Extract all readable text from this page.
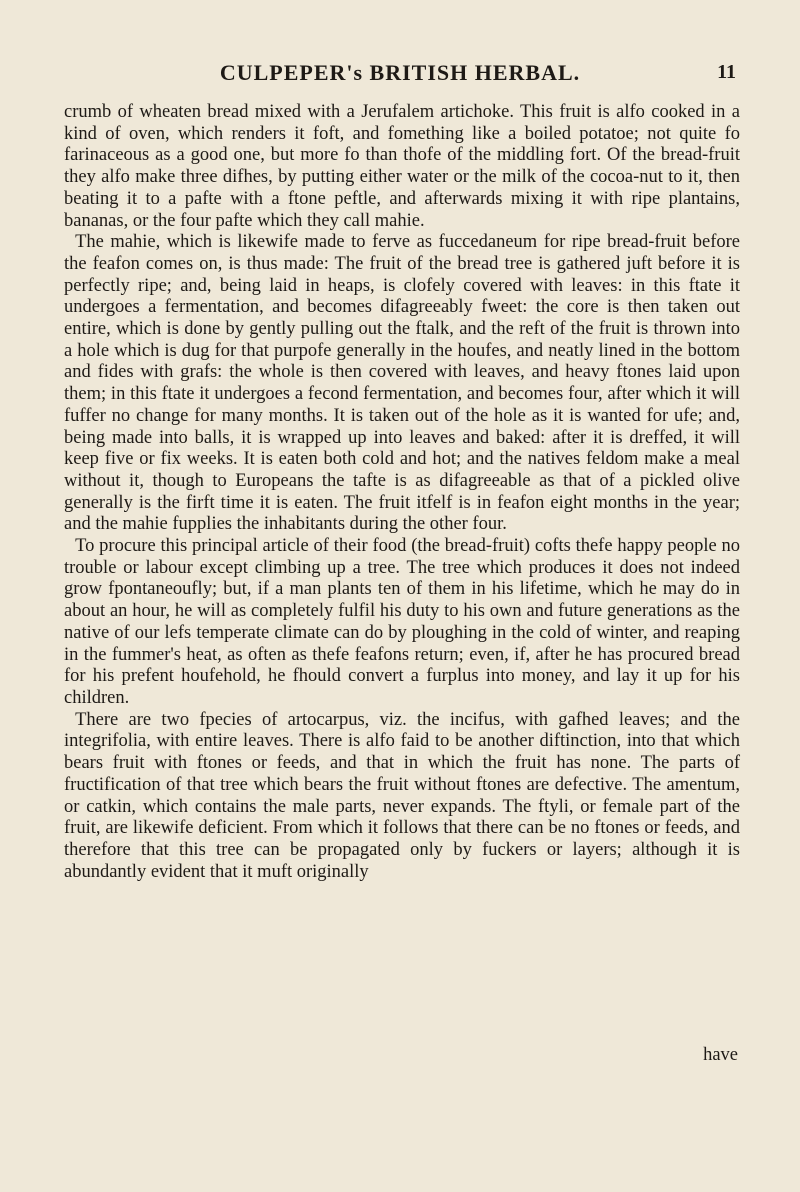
CULPEPER's BRITISH HERBAL.	11

crumb of wheaten bread mixed with a Jerufalem artichoke. This fruit is alfo cooked in a kind of oven, which renders it foft, and fomething like a boiled potatoe; not quite fo farinaceous as a good one, but more fo than thofe of the middling fort. Of the bread-fruit they alfo make three difhes, by putting either water or the milk of the cocoa-nut to it, then beating it to a pafte with a ftone peftle, and afterwards mixing it with ripe plantains, bananas, or the four pafte which they call mahie.

The mahie, which is likewife made to ferve as fuccedaneum for ripe bread-fruit before the feafon comes on, is thus made: The fruit of the bread tree is gathered juft before it is perfectly ripe; and, being laid in heaps, is clofely covered with leaves: in this ftate it undergoes a fermentation, and becomes difagreeably fweet: the core is then taken out entire, which is done by gently pulling out the ftalk, and the reft of the fruit is thrown into a hole which is dug for that purpofe generally in the houfes, and neatly lined in the bottom and fides with grafs: the whole is then covered with leaves, and heavy ftones laid upon them; in this ftate it undergoes a fecond fermentation, and becomes four, after which it will fuffer no change for many months. It is taken out of the hole as it is wanted for ufe; and, being made into balls, it is wrapped up into leaves and baked: after it is dreffed, it will keep five or fix weeks. It is eaten both cold and hot; and the natives feldom make a meal without it, though to Europeans the tafte is as difagreeable as that of a pickled olive generally is the firft time it is eaten. The fruit itfelf is in feafon eight months in the year; and the mahie fupplies the inhabitants during the other four.

To procure this principal article of their food (the bread-fruit) cofts thefe happy people no trouble or labour except climbing up a tree. The tree which produces it does not indeed grow fpontaneoufly; but, if a man plants ten of them in his lifetime, which he may do in about an hour, he will as completely fulfil his duty to his own and future generations as the native of our lefs temperate climate can do by ploughing in the cold of winter, and reaping in the fummer's heat, as often as thefe feafons return; even, if, after he has procured bread for his prefent houfehold, he fhould convert a furplus into money, and lay it up for his children.

There are two fpecies of artocarpus, viz. the incifus, with gafhed leaves; and the integrifolia, with entire leaves. There is alfo faid to be another diftinction, into that which bears fruit with ftones or feeds, and that in which the fruit has none. The parts of fructification of that tree which bears the fruit without ftones are defective. The amentum, or catkin, which contains the male parts, never expands. The ftyli, or female part of the fruit, are likewife deficient. From which it follows that there can be no ftones or feeds, and therefore that this tree can be propagated only by fuckers or layers; although it is abundantly evident that it muft originally

have
